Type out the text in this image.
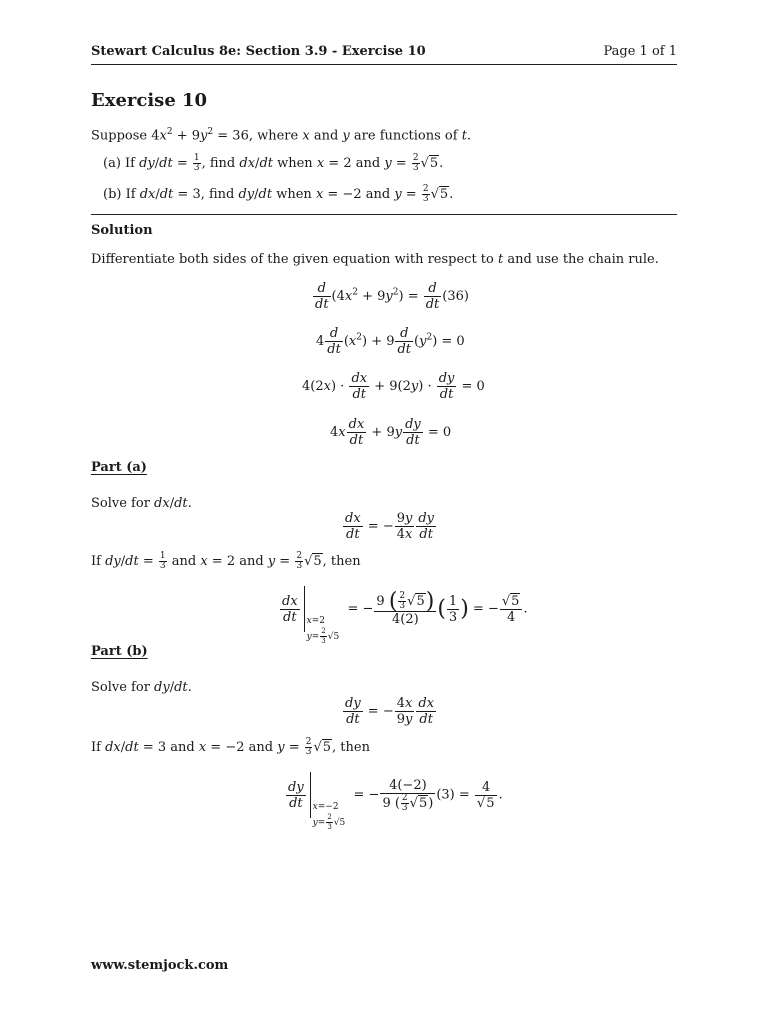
Stewart Calculus 8e: Section 3.9 - Exercise 10	Page 1 of 1
Exercise 10
Suppose $4x^2 + 9y^2 = 36$, where x and y are functions of t.
(a) If $dy/dt = \frac{1}{3}$ , find dx/dt when x = 2 and $y = \frac{2}{3} √5$.
(b) If dx/dt = 3, find dy/dt when x = −2 and $y = \frac{2}{3} √5$.
Solution
Differentiate both sides of the given equation with respect to t and use the chain rule.
$\frac{d}{dt} (4x^2 + 9y^2) = \frac{d}{dt} (36)$
$4 \frac{d}{dt} (x^2) + 9 \frac{d}{dt} (y^2) = 0$
$4(2x) \cdot \frac{dx}{dt} + 9(2y) \cdot \frac{dy}{dt} = 0$
$4x \frac{dx}{dt} + 9y \frac{dy}{dt} = 0$
Part (a)
Solve for dx/dt.
$\frac{dx}{dt}$ = − $\frac{9y}{4x} \frac{dy}{dt}$
If $dy/dt = \frac{1}{3}$ and x = 2 and $y = \frac{2}{3} √5$, then
$\frac{dx}{dt} x=2$
$y= \frac{2}{3} √5$  = − $\frac{9 ( \frac{2}{3} √5)}{4(2)}$ ( $\frac{1}{3}$ ) = − $\frac{√5}{4}$ .
Part (b)
Solve for dy/dt.
$\frac{dy}{dt}$ = − $\frac{4x}{9y} \frac{dx}{dt}$
If dx/dt = 3 and x = −2 and $y = \frac{2}{3} √5$, then
$\frac{dy}{dt} x=-2$
$y= \frac{2}{3} √5$  = − $\frac{4(-2)}{9 ( \frac{2}{3} √5)} (3) = \frac{4}{√5}$ .
www.stemjock.com
